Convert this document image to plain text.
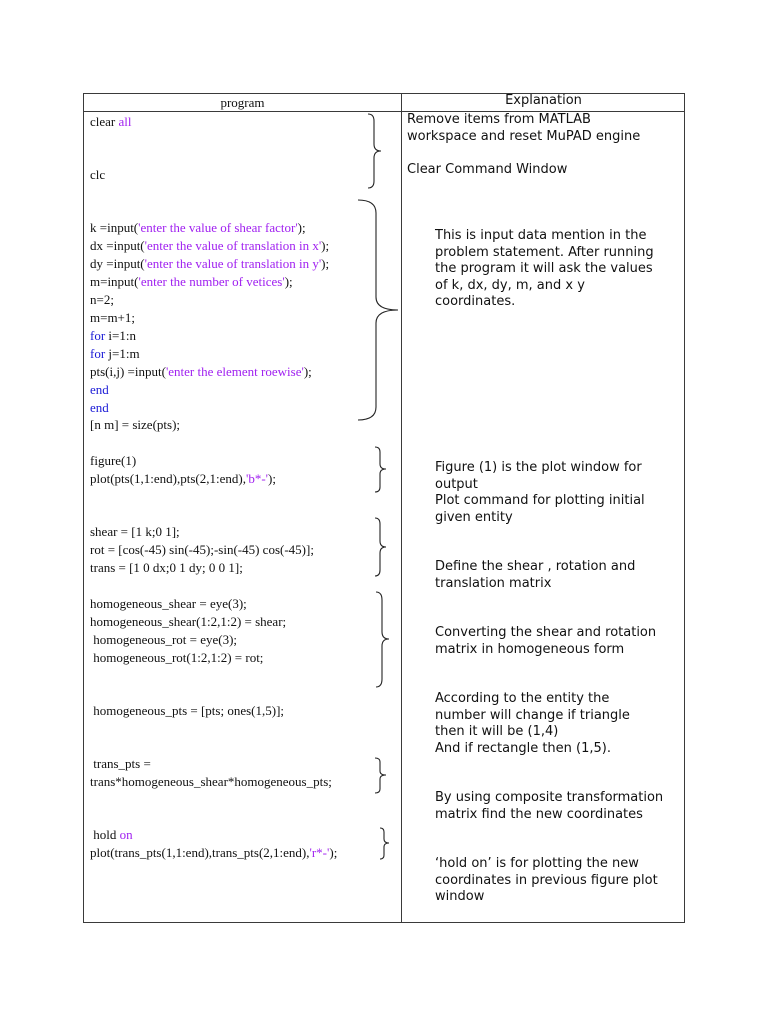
program	Explanation
clear all
clc
k =input('enter the value of shear factor');
dx =input('enter the value of translation in x');
dy =input('enter the value of translation in y');
m=input('enter the number of vetices');
n=2;
m=m+1;
for i=1:n
for j=1:m
pts(i,j) =input('enter the element roewise');
end
end
[n m] = size(pts);
figure(1)
plot(pts(1,1:end),pts(2,1:end),'b*-');
shear = [1 k;0 1];
rot = [cos(-45) sin(-45);-sin(-45) cos(-45)];
trans = [1 0 dx;0 1 dy; 0 0 1];
homogeneous_shear = eye(3);
homogeneous_shear(1:2,1:2) = shear;
homogeneous_rot = eye(3);
homogeneous_rot(1:2,1:2) = rot;
homogeneous_pts = [pts; ones(1,5)];
trans_pts =
trans*homogeneous_shear*homogeneous_pts;
hold on
plot(trans_pts(1,1:end),trans_pts(2,1:end),'r*-');
Remove items from MATLAB
workspace and reset MuPAD engine
Clear Command Window
This is input data mention in the
problem statement. After running
the program it will ask the values
of k, dx, dy, m, and x y
coordinates.
Figure (1) is the plot window for
output
Plot command for plotting initial
given entity
Define the shear , rotation and
translation matrix
Converting the shear and rotation
matrix in homogeneous form
According to the entity the
number will change if triangle
then it will be (1,4)
And if rectangle then (1,5).
By using composite transformation
matrix find the new coordinates
‘hold on’ is for plotting the new
coordinates in previous figure plot
window
